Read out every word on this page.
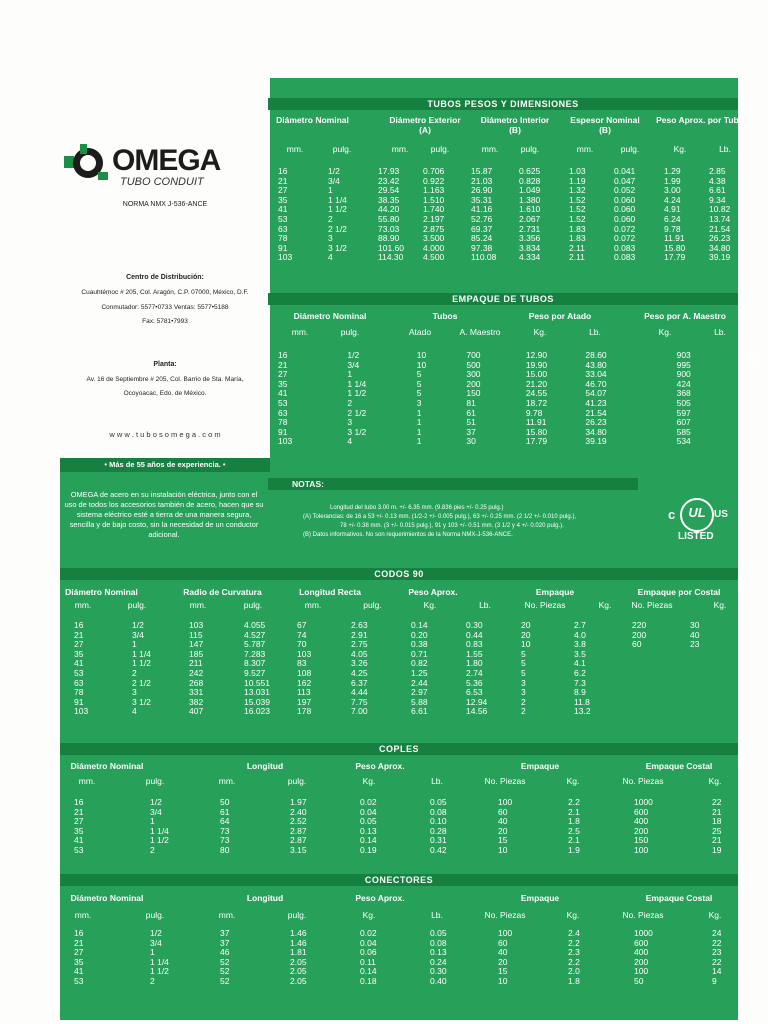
OMEGA
TUBO CONDUIT
NORMA NMX J-536-ANCE
Centro de Distribución:
Cuauhtémoc # 205, Col. Aragón, C.P. 07000, México, D.F.
Conmutador: 5577•0733 Ventas: 5577•5188
Fax: 5781•7993
Planta:
Av. 16 de Septiembre # 205, Col. Barrio de Sta. María,
Ocoyoacac, Edo. de México.
w w w . t u b o s o m e g a . c o m
• Más de 55 años de experiencia. •
OMEGA de acero en su instalación eléctrica, junto con el uso de todos los accesorios también de acero, hacen que su sistema eléctrico esté a tierra de una manera segura, sencilla y de bajo costo, sin la necesidad de un conductor adicional.
TUBOS PESOS Y DIMENSIONES
Diámetro Nominal	Diámetro Exterior
(A)
Diámetro Interior
(B)
Espesor Nominal
(B)
Peso Aprox. por Tubo
mm.	pulg.	mm.	pulg.	mm.	pulg.	mm.	pulg.	Kg.	Lb.
16	1/2	17.93	0.706	15.87	0.625	1.03	0.041	1.29	2.85
21	3/4	23.42	0.922	21.03	0.828	1.19	0.047	1.99	4.38
27	1	29.54	1.163	26.90	1.049	1.32	0.052	3.00	6.61
35	1 1/4	38.35	1.510	35.31	1.380	1.52	0.060	4.24	9.34
41	1 1/2	44.20	1.740	41.16	1.610	1.52	0.060	4.91	10.82
53	2	55.80	2.197	52.76	2.067	1.52	0.060	6.24	13.74
63	2 1/2	73.03	2.875	69.37	2.731	1.83	0.072	9.78	21.54
78	3	88.90	3.500	85.24	3.356	1.83	0.072	11.91	26.23
91	3 1/2	101.60	4.000	97.38	3.834	2.11	0.083	15.80	34.80
103	4	114.30	4.500	110.08	4.334	2.11	0.083	17.79	39.19
EMPAQUE DE TUBOS
Diámetro Nominal	Tubos	Peso por Atado	Peso por A. Maestro
mm.	pulg.	Atado	A. Maestro	Kg.	Lb.	Kg.	Lb.
16	1/2	10	700	12.90	28.60	903	2,002
21	3/4	10	500	19.90	43.80	995	2,190
27	1	5	300	15.00	33.04	900	1,982
35	1 1/4	5	200	21.20	46.70	424	934
41	1 1/2	5	150	24.55	54.07	368	811
53	2	3	81	18.72	41.23	505	1,112
63	2 1/2	1	61	9.78	21.54	597	1,315
78	3	1	51	11.91	26.23	607	1,337
91	3 1/2	1	37	15.80	34.80	585	1,289
103	4	1	30	17.79	39.19	534	1,176
NOTAS:
Longitud del tubo 3.00 m. +/- 6.35 mm. (9.836 pies +/- 0.25 pulg.)
(A) Tolerancias: de 16 a 53 +/- 0.13 mm. (1/2-2 +/- 0.005 pulg.), 63 +/- 0.25 mm. (2 1/2 +/- 0.010 pulg.),
78 +/- 0.38 mm. (3 +/- 0.015 pulg.), 91 y 103 +/- 0.51 mm. (3 1/2 y 4 +/- 0.020 pulg.).
(B) Datos informativos. No son requerimientos de la Norma NMX-J-536-ANCE.
c	UL US
LISTED
CODOS 90
Diámetro Nominal	Radio de Curvatura	Longitud Recta	Peso Aprox.	Empaque	Empaque por Costal
mm.	pulg.	mm.	pulg.	mm.	pulg.	Kg.	Lb.	No. Piezas	Kg.	No. Piezas	Kg.
16	1/2	103	4.055	67	2.63	0.14	0.30	20	2.7	220	30
21	3/4	115	4.527	74	2.91	0.20	0.44	20	4.0	200	40
27	1	147	5.787	70	2.75	0.38	0.83	10	3.8	60	23
35	1 1/4	185	7.283	103	4.05	0.71	1.55	5	3.5		
41	1 1/2	211	8.307	83	3.26	0.82	1.80	5	4.1		
53	2	242	9.527	108	4.25	1.25	2.74	5	6.2		
63	2 1/2	268	10.551	162	6.37	2.44	5.36	3	7.3		
78	3	331	13.031	113	4.44	2.97	6.53	3	8.9		
91	3 1/2	382	15.039	197	7.75	5.88	12.94	2	11.8		
103	4	407	16.023	178	7.00	6.61	14.56	2	13.2		
COPLES
Diámetro Nominal	Longitud	Peso Aprox.	Empaque	Empaque Costal
mm.	pulg.	mm.	pulg.	Kg.	Lb.	No. Piezas	Kg.	No. Piezas	Kg.
16	1/2	50	1.97	0.02	0.05	100	2.2	1000	22
21	3/4	61	2.40	0.04	0.08	60	2.1	600	21
27	1	64	2.52	0.05	0.10	40	1.8	400	18
35	1 1/4	73	2.87	0.13	0.28	20	2.5	200	25
41	1 1/2	73	2.87	0.14	0.31	15	2.1	150	21
53	2	80	3.15	0.19	0.42	10	1.9	100	19
CONECTORES
Diámetro Nominal	Longitud	Peso Aprox.	Empaque	Empaque Costal
mm.	pulg.	mm.	pulg.	Kg.	Lb.	No. Piezas	Kg.	No. Piezas	Kg.
16	1/2	37	1.46	0.02	0.05	100	2.4	1000	24
21	3/4	37	1.46	0.04	0.08	60	2.2	600	22
27	1	46	1.81	0.06	0.13	40	2.3	400	23
35	1 1/4	52	2.05	0.11	0.24	20	2.2	200	22
41	1 1/2	52	2.05	0.14	0.30	15	2.0	100	14
53	2	52	2.05	0.18	0.40	10	1.8	50	9
